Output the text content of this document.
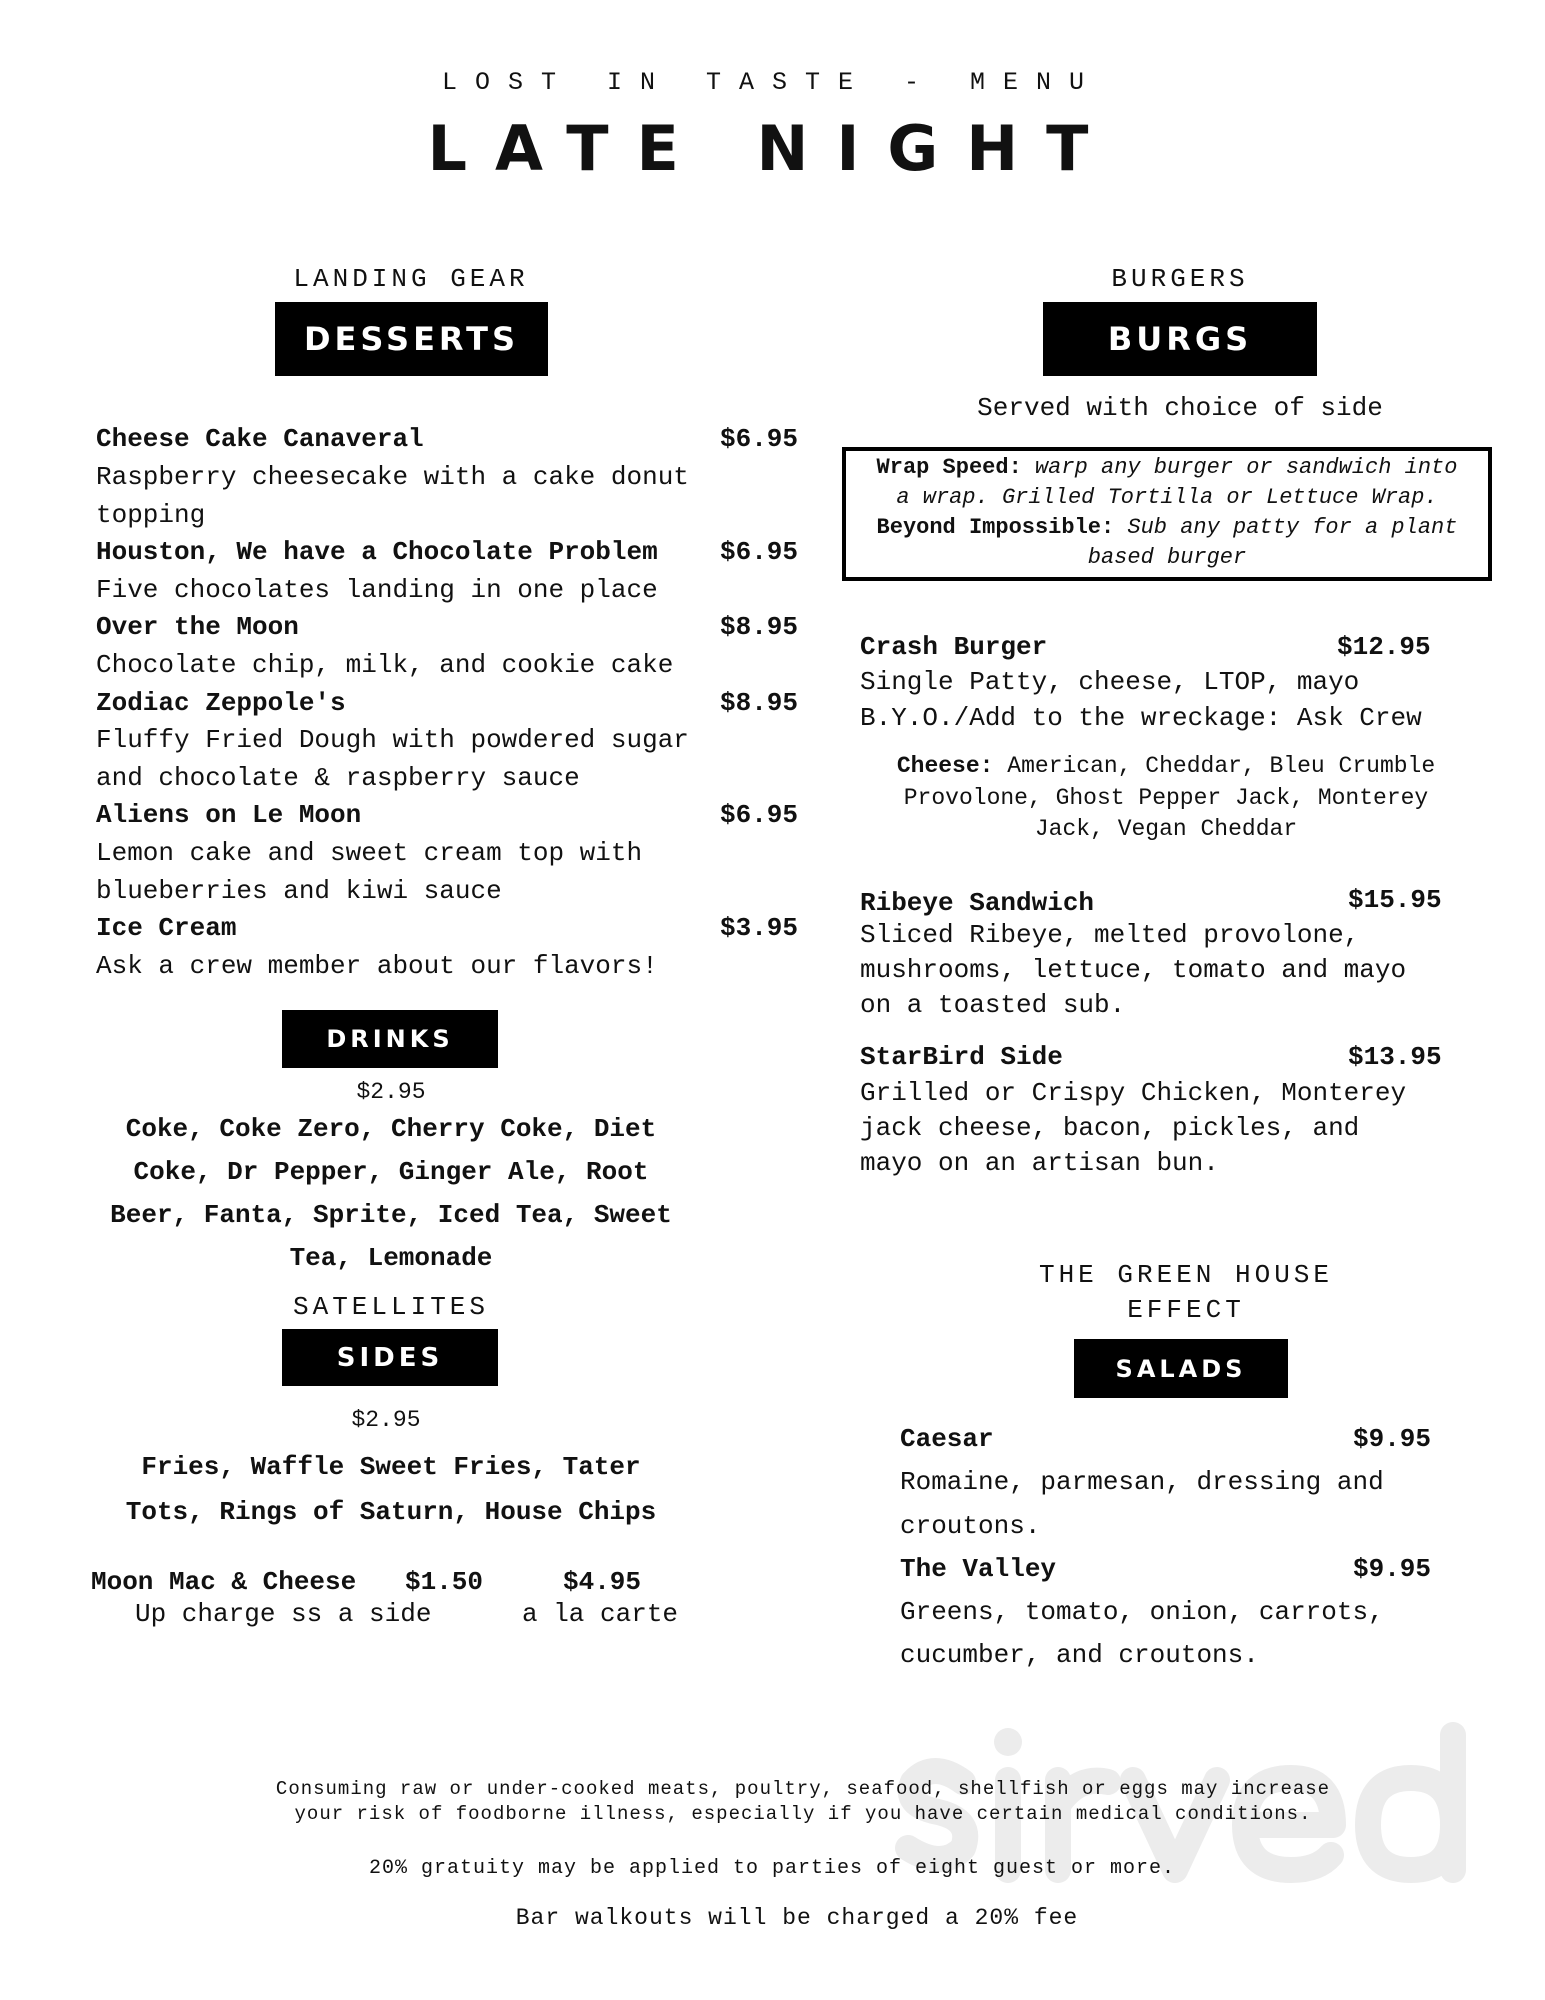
LOST IN TASTE - MENU
LATE NIGHT
LANDING GEAR
DESSERTS
Cheese Cake Canaveral	$6.95
Raspberry cheesecake with a cake donut
topping
Houston, We have a Chocolate Problem $6.95
Five chocolates landing in one place
Over the Moon	$8.95
Chocolate chip, milk, and cookie cake
Zodiac Zeppole's	$8.95
Fluffy Fried Dough with powdered sugar
and chocolate & raspberry sauce
Aliens on Le Moon	$6.95
Lemon cake and sweet cream top with
blueberries and kiwi sauce
Ice Cream	$3.95
Ask a crew member about our flavors!
DRINKS
$2.95
Coke, Coke Zero, Cherry Coke, Diet
Coke, Dr Pepper, Ginger Ale, Root
Beer, Fanta, Sprite, Iced Tea, Sweet
Tea, Lemonade
SATELLITES
SIDES
$2.95
Fries, Waffle Sweet Fries, Tater
Tots, Rings of Saturn, House Chips
Moon Mac & Cheese $1.50	$4.95
Up charge ss a side	a la carte
BURGERS
BURGS
Served with choice of side
Wrap Speed: warp any burger or sandwich into
a wrap. Grilled Tortilla or Lettuce Wrap.
Beyond Impossible: Sub any patty for a plant
based burger
Crash Burger	$12.95
Single Patty, cheese, LTOP, mayo
B.Y.O./Add to the wreckage: Ask Crew
Cheese: American, Cheddar, Bleu Crumble
Provolone, Ghost Pepper Jack, Monterey
Jack, Vegan Cheddar
Ribeye Sandwich	$15.95
Sliced Ribeye, melted provolone,
mushrooms, lettuce, tomato and mayo
on a toasted sub.
StarBird Side	$13.95
Grilled or Crispy Chicken, Monterey
jack cheese, bacon, pickles, and
mayo on an artisan bun.
THE GREEN HOUSE
EFFECT
SALADS
Caesar	$9.95
Romaine, parmesan, dressing and
croutons.
The Valley	$9.95
Greens, tomato, onion, carrots,
cucumber, and croutons.
Consuming raw or under-cooked meats, poultry, seafood, shellfish or eggs may increase
your risk of foodborne illness, especially if you have certain medical conditions.
20% gratuity may be applied to parties of eight guest or more.
Bar walkouts will be charged a 20% fee
